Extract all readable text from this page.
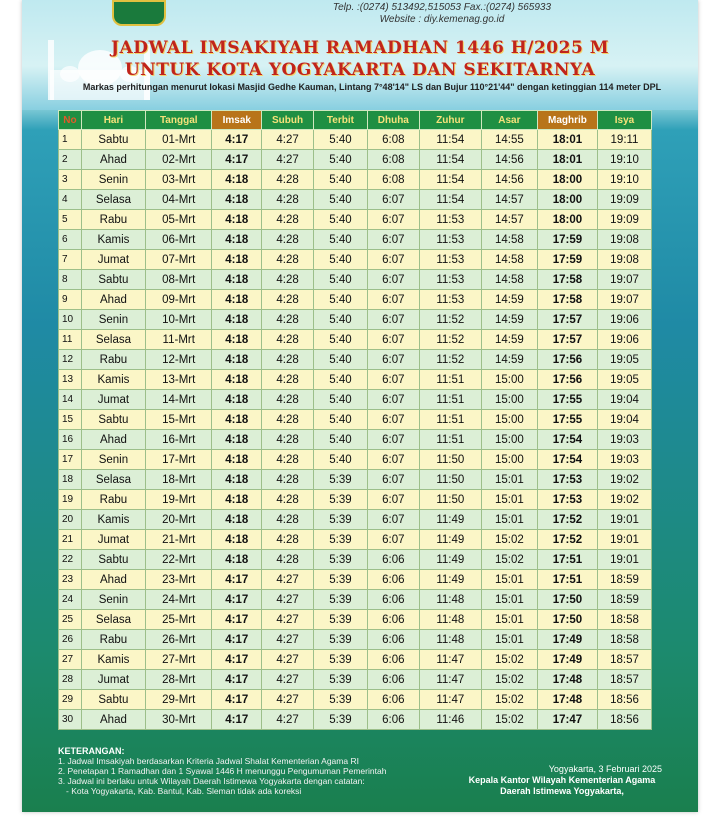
Telp. :(0274) 513492,515053 Fax.:(0274) 565933
Website : diy.kemenag.go.id
JADWAL IMSAKIYAH RAMADHAN 1446 H/2025 M
UNTUK KOTA YOGYAKARTA DAN SEKITARNYA
Markas perhitungan menurut lokasi Masjid Gedhe Kauman, Lintang 7°48'14" LS dan Bujur 110°21'44" dengan ketinggian 114 meter DPL
No	Hari	Tanggal	Imsak	Subuh	Terbit	Dhuha	Zuhur	Asar	Maghrib	Isya
1	Sabtu	01-Mrt	4:17	4:27	5:40	6:08	11:54	14:55	18:01	19:11
2	Ahad	02-Mrt	4:17	4:27	5:40	6:08	11:54	14:56	18:01	19:10
3	Senin	03-Mrt	4:18	4:28	5:40	6:08	11:54	14:56	18:00	19:10
4	Selasa	04-Mrt	4:18	4:28	5:40	6:07	11:54	14:57	18:00	19:09
5	Rabu	05-Mrt	4:18	4:28	5:40	6:07	11:53	14:57	18:00	19:09
6	Kamis	06-Mrt	4:18	4:28	5:40	6:07	11:53	14:58	17:59	19:08
7	Jumat	07-Mrt	4:18	4:28	5:40	6:07	11:53	14:58	17:59	19:08
8	Sabtu	08-Mrt	4:18	4:28	5:40	6:07	11:53	14:58	17:58	19:07
9	Ahad	09-Mrt	4:18	4:28	5:40	6:07	11:53	14:59	17:58	19:07
10	Senin	10-Mrt	4:18	4:28	5:40	6:07	11:52	14:59	17:57	19:06
11	Selasa	11-Mrt	4:18	4:28	5:40	6:07	11:52	14:59	17:57	19:06
12	Rabu	12-Mrt	4:18	4:28	5:40	6:07	11:52	14:59	17:56	19:05
13	Kamis	13-Mrt	4:18	4:28	5:40	6:07	11:51	15:00	17:56	19:05
14	Jumat	14-Mrt	4:18	4:28	5:40	6:07	11:51	15:00	17:55	19:04
15	Sabtu	15-Mrt	4:18	4:28	5:40	6:07	11:51	15:00	17:55	19:04
16	Ahad	16-Mrt	4:18	4:28	5:40	6:07	11:51	15:00	17:54	19:03
17	Senin	17-Mrt	4:18	4:28	5:40	6:07	11:50	15:00	17:54	19:03
18	Selasa	18-Mrt	4:18	4:28	5:39	6:07	11:50	15:01	17:53	19:02
19	Rabu	19-Mrt	4:18	4:28	5:39	6:07	11:50	15:01	17:53	19:02
20	Kamis	20-Mrt	4:18	4:28	5:39	6:07	11:49	15:01	17:52	19:01
21	Jumat	21-Mrt	4:18	4:28	5:39	6:07	11:49	15:02	17:52	19:01
22	Sabtu	22-Mrt	4:18	4:28	5:39	6:06	11:49	15:02	17:51	19:01
23	Ahad	23-Mrt	4:17	4:27	5:39	6:06	11:49	15:01	17:51	18:59
24	Senin	24-Mrt	4:17	4:27	5:39	6:06	11:48	15:01	17:50	18:59
25	Selasa	25-Mrt	4:17	4:27	5:39	6:06	11:48	15:01	17:50	18:58
26	Rabu	26-Mrt	4:17	4:27	5:39	6:06	11:48	15:01	17:49	18:58
27	Kamis	27-Mrt	4:17	4:27	5:39	6:06	11:47	15:02	17:49	18:57
28	Jumat	28-Mrt	4:17	4:27	5:39	6:06	11:47	15:02	17:48	18:57
29	Sabtu	29-Mrt	4:17	4:27	5:39	6:06	11:47	15:02	17:48	18:56
30	Ahad	30-Mrt	4:17	4:27	5:39	6:06	11:46	15:02	17:47	18:56
KETERANGAN:
1. Jadwal Imsakiyah berdasarkan Kriteria Jadwal Shalat Kementerian Agama RI
2. Penetapan 1 Ramadhan dan 1 Syawal 1446 H menunggu Pengumuman Pemerintah
3. Jadwal ini berlaku untuk Wilayah Daerah Istimewa Yogyakarta dengan catatan:
- Kota Yogyakarta, Kab. Bantul, Kab. Sleman tidak ada koreksi
Yogyakarta, 3 Februari 2025
Kepala Kantor Wilayah Kementerian Agama
Daerah Istimewa Yogyakarta,
